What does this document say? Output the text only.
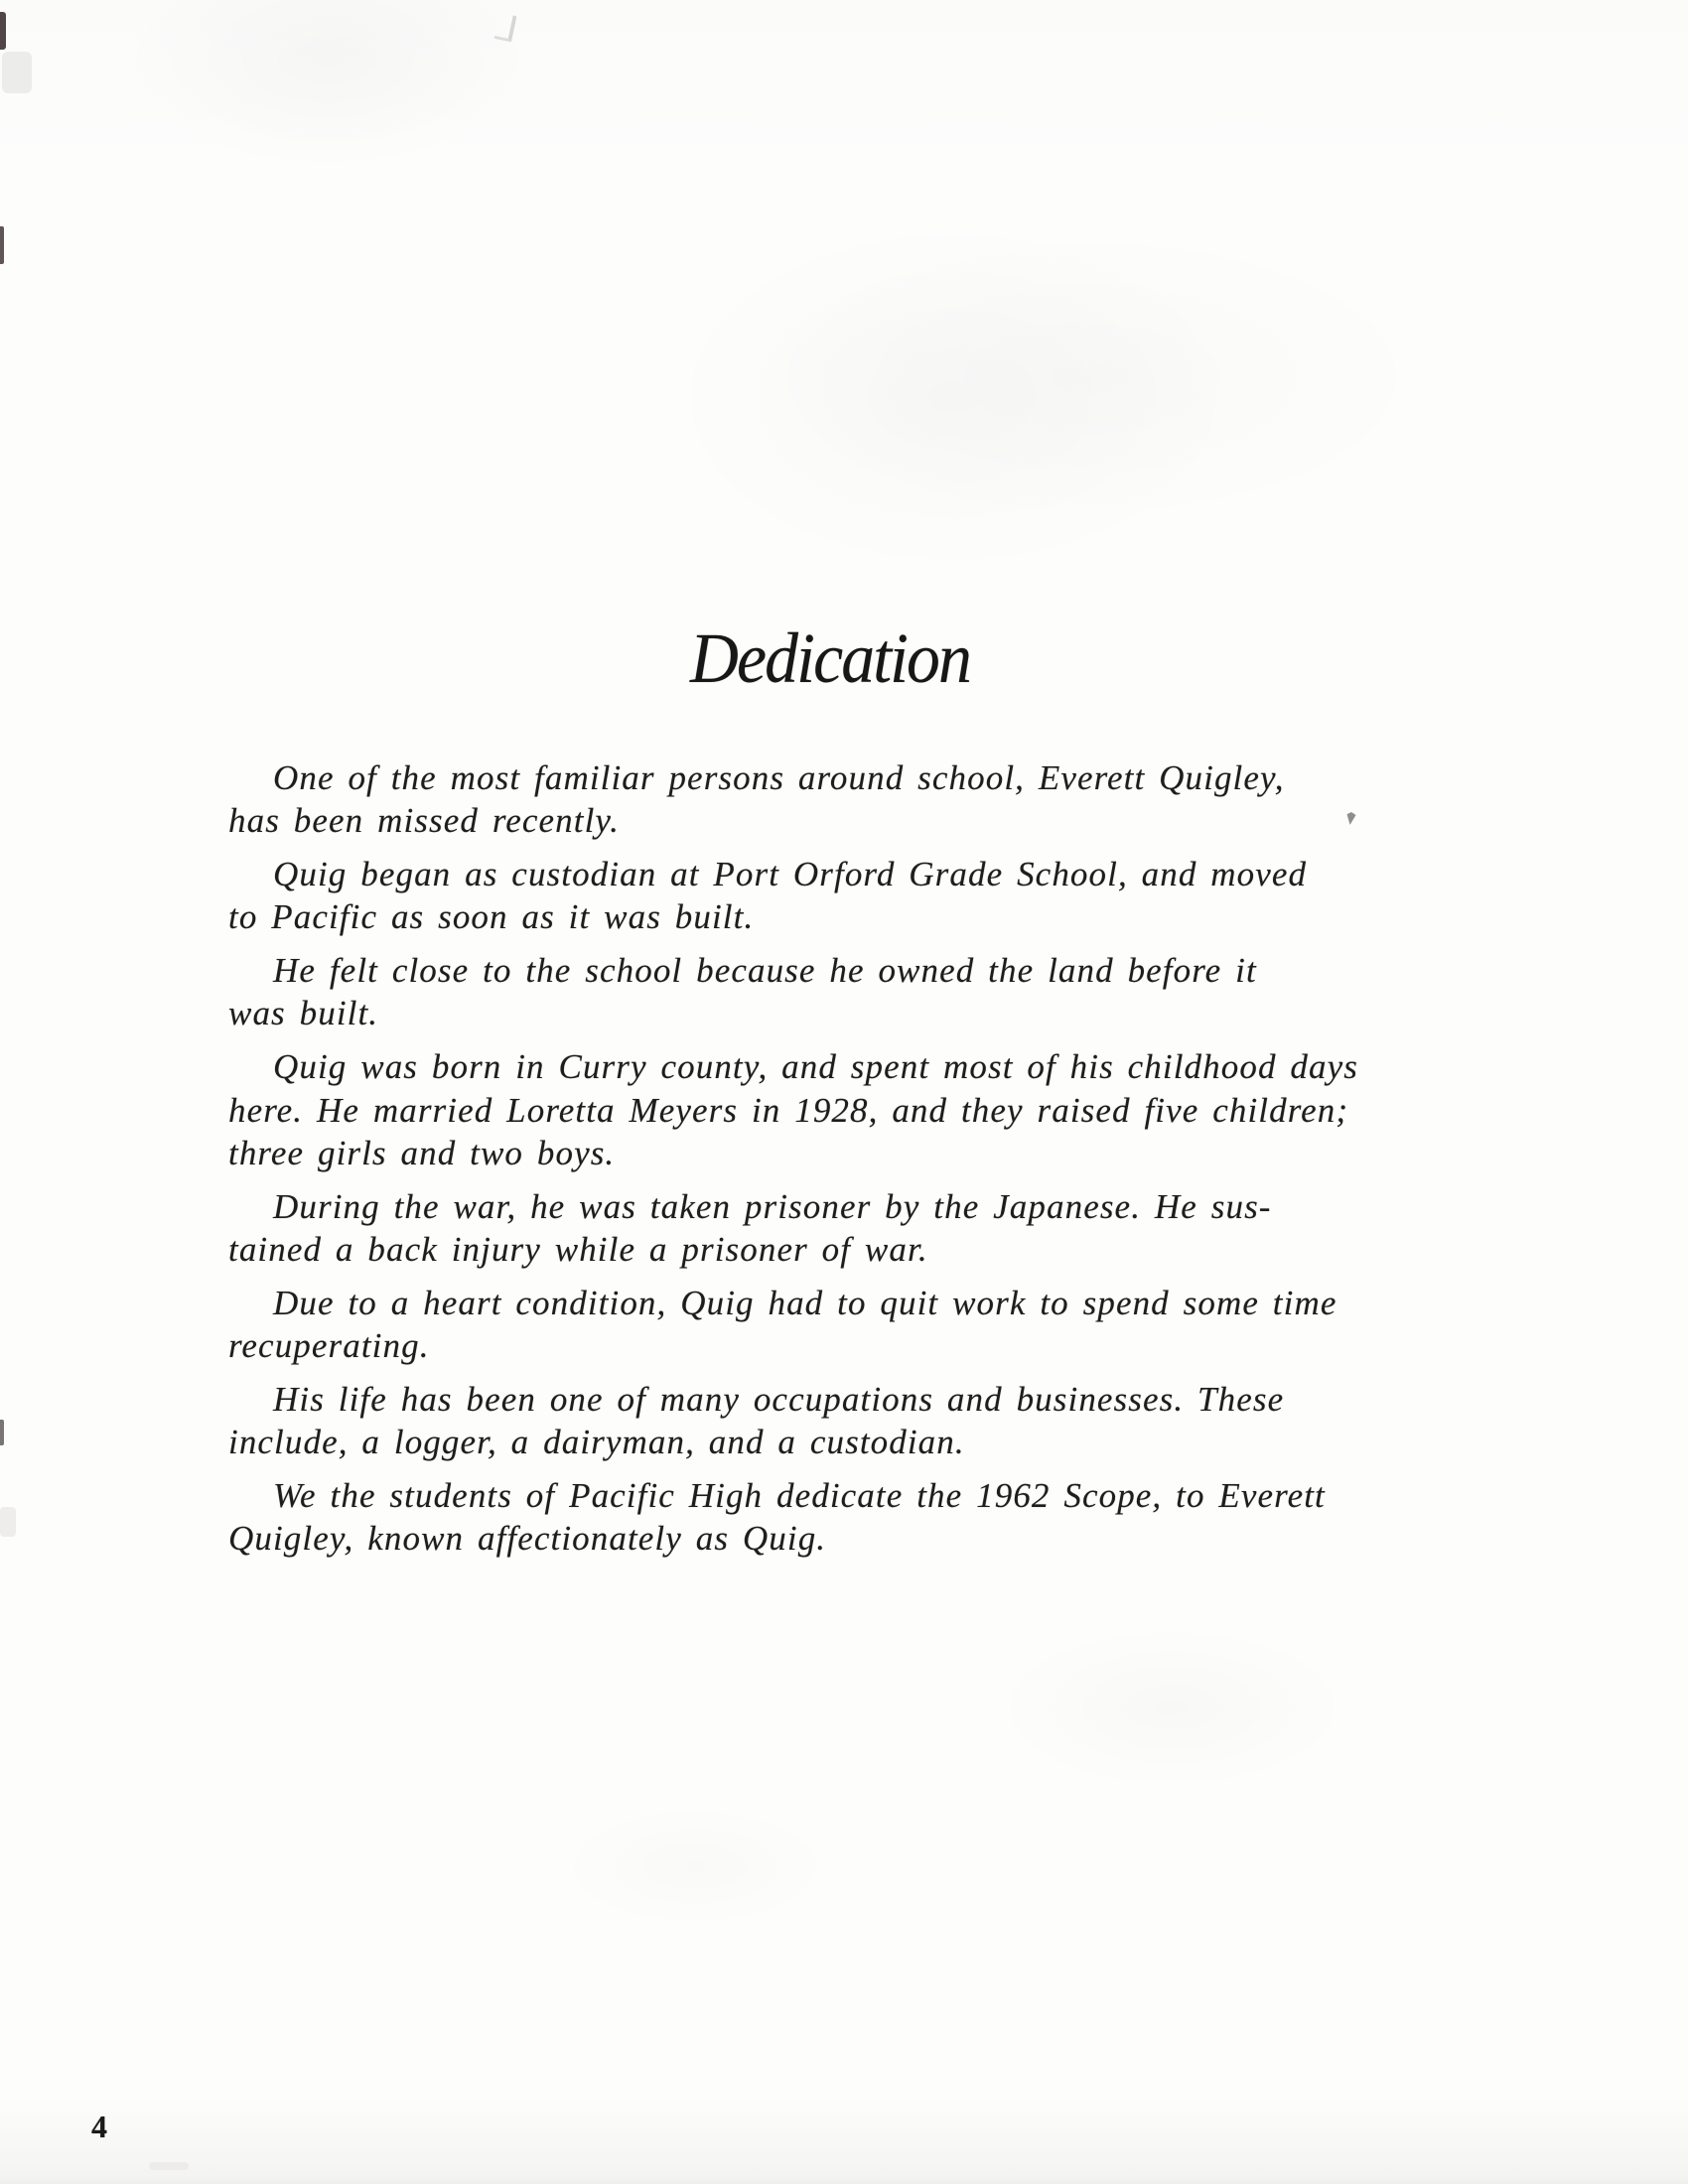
Dedication
One of the most familiar persons around school, Everett Quigley,
has been missed recently.
Quig began as custodian at Port Orford Grade School, and moved
to Pacific as soon as it was built.
He felt close to the school because he owned the land before it
was built.
Quig was born in Curry county, and spent most of his childhood days
here. He married Loretta Meyers in 1928, and they raised five children;
three girls and two boys.
During the war, he was taken prisoner by the Japanese. He sus-
tained a back injury while a prisoner of war.
Due to a heart condition, Quig had to quit work to spend some time
recuperating.
His life has been one of many occupations and businesses. These
include, a logger, a dairyman, and a custodian.
We the students of Pacific High dedicate the 1962 Scope, to Everett
Quigley, known affectionately as Quig.
4
